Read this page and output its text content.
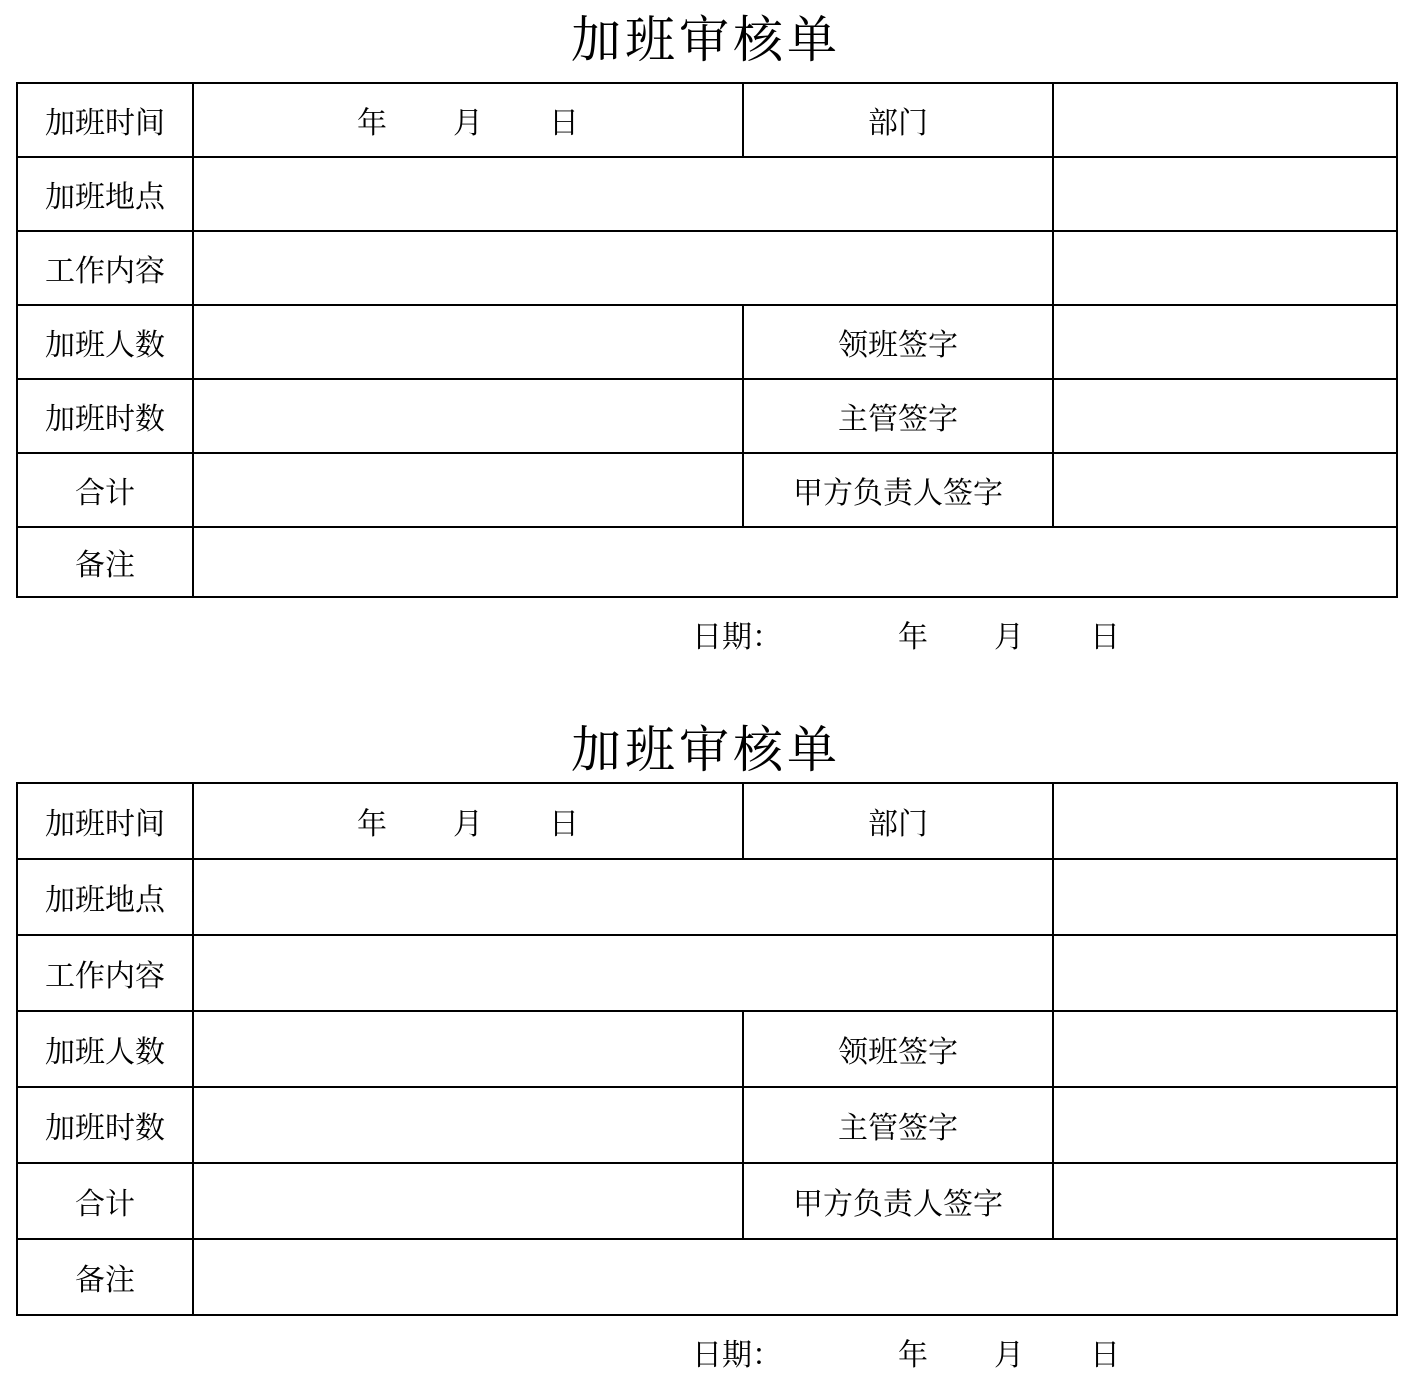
加班审核单
加班时间	年 月 日	部门	
加班地点			
工作内容			
加班人数		领班签字	
加班时数		主管签字	
合计		甲方负责人签字	
备注			
日期：	年 月 日
加班审核单
加班时间	年 月 日	部门	
加班地点			
工作内容			
加班人数		领班签字	
加班时数		主管签字	
合计		甲方负责人签字	
备注			
日期：	年 月 日
